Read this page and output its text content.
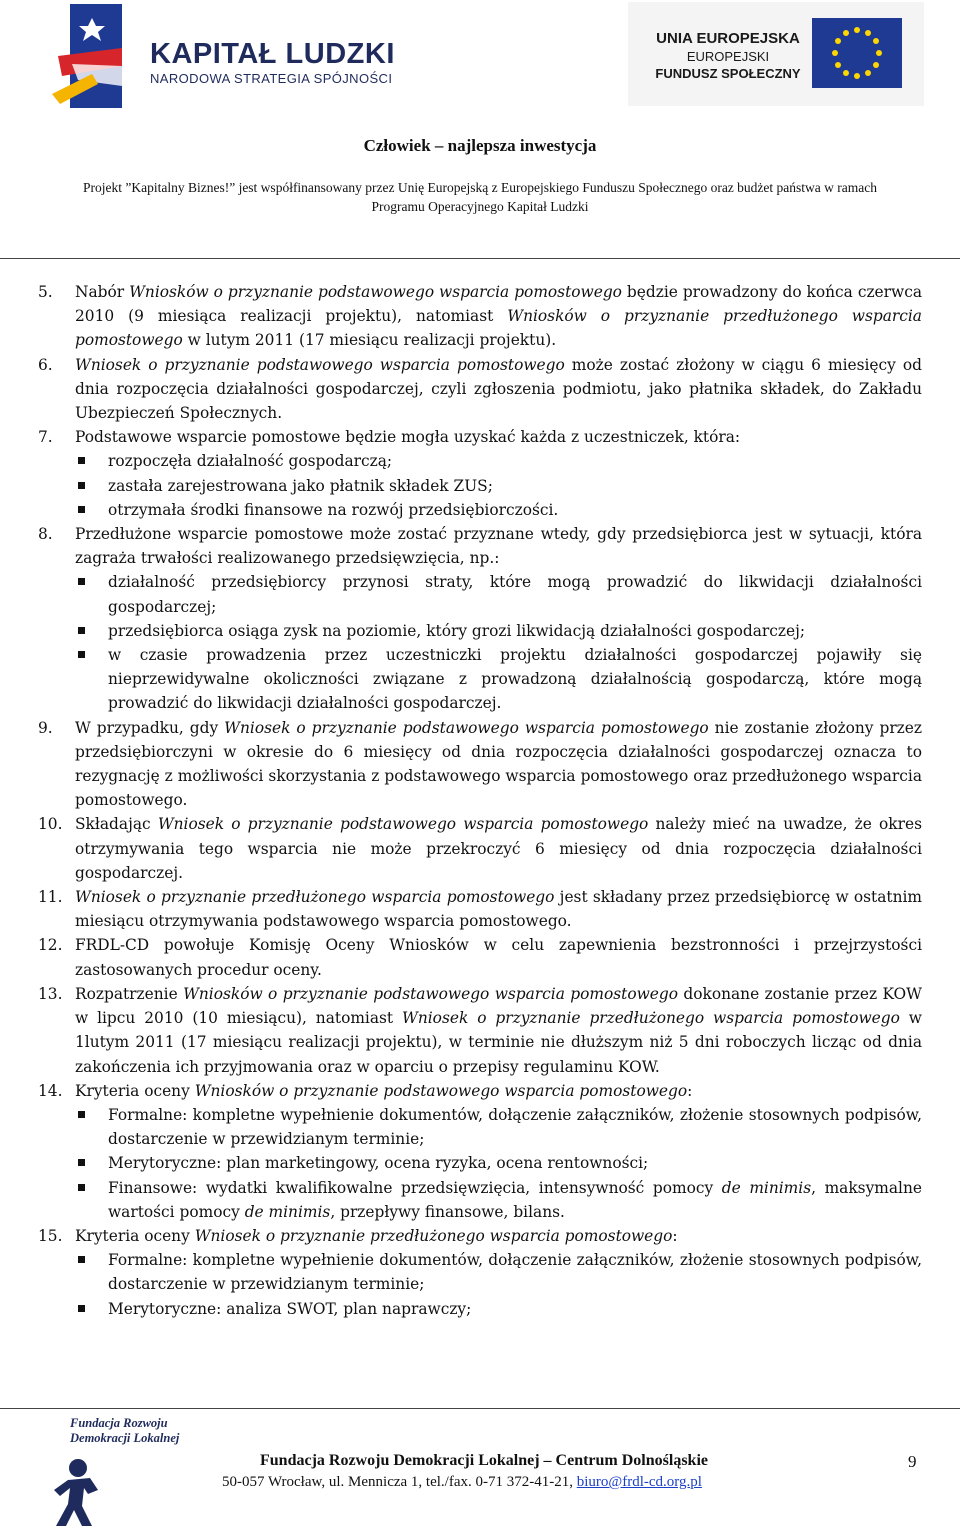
KAPITAŁ LUDZKI
NARODOWA STRATEGIA SPÓJNOŚCI
UNIA EUROPEJSKA
EUROPEJSKI
FUNDUSZ SPOŁECZNY
Człowiek – najlepsza inwestycja
Projekt ”Kapitalny Biznes!” jest współfinansowany przez Unię Europejską z Europejskiego Funduszu Społecznego oraz budżet państwa w ramach
Programu Operacyjnego Kapitał Ludzki
5. Nabór Wniosków o przyznanie podstawowego wsparcia pomostowego będzie prowadzony do końca czerwca 2010 (9 miesiąca realizacji projektu), natomiast Wniosków o przyznanie przedłużonego wsparcia pomostowego w lutym 2011 (17 miesiącu realizacji projektu).

6. Wniosek o przyznanie podstawowego wsparcia pomostowego może zostać złożony w ciągu 6 miesięcy od dnia rozpoczęcia działalności gospodarczej, czyli zgłoszenia podmiotu, jako płatnika składek, do Zakładu Ubezpieczeń Społecznych.

7. Podstawowe wsparcie pomostowe będzie mogła uzyskać każda z uczestniczek, która:

rozpoczęła działalność gospodarczą;
zastała zarejestrowana jako płatnik składek ZUS;
otrzymała środki finansowe na rozwój przedsiębiorczości.
8. Przedłużone wsparcie pomostowe może zostać przyznane wtedy, gdy przedsiębiorca jest w sytuacji, która zagraża trwałości realizowanego przedsięwzięcia, np.:

działalność przedsiębiorcy przynosi straty, które mogą prowadzić do likwidacji działalności gospodarczej;
przedsiębiorca osiąga zysk na poziomie, który grozi likwidacją działalności gospodarczej;
w czasie prowadzenia przez uczestniczki projektu działalności gospodarczej pojawiły się nieprzewidywalne okoliczności związane z prowadzoną działalnością gospodarczą, które mogą prowadzić do likwidacji działalności gospodarczej.
9. W przypadku, gdy Wniosek o przyznanie podstawowego wsparcia pomostowego nie zostanie złożony przez przedsiębiorczyni w okresie do 6 miesięcy od dnia rozpoczęcia działalności gospodarczej oznacza to rezygnację z możliwości skorzystania z podstawowego wsparcia pomostowego oraz przedłużonego wsparcia pomostowego.

10. Składając Wniosek o przyznanie podstawowego wsparcia pomostowego należy mieć na uwadze, że okres otrzymywania tego wsparcia nie może przekroczyć 6 miesięcy od dnia rozpoczęcia działalności gospodarczej.

11. Wniosek o przyznanie przedłużonego wsparcia pomostowego jest składany przez przedsiębiorcę w ostatnim miesiącu otrzymywania podstawowego wsparcia pomostowego.

12. FRDL-CD powołuje Komisję Oceny Wniosków w celu zapewnienia bezstronności i przejrzystości zastosowanych procedur oceny.

13. Rozpatrzenie Wniosków o przyznanie podstawowego wsparcia pomostowego dokonane zostanie przez KOW w lipcu 2010 (10 miesiącu), natomiast Wniosek o przyznanie przedłużonego wsparcia pomostowego w 1lutym 2011 (17 miesiącu realizacji projektu), w terminie nie dłuższym niż 5 dni roboczych licząc od dnia zakończenia ich przyjmowania oraz w oparciu o przepisy regulaminu KOW.

14. Kryteria oceny Wniosków o przyznanie podstawowego wsparcia pomostowego:

Formalne: kompletne wypełnienie dokumentów, dołączenie załączników, złożenie stosownych podpisów, dostarczenie w przewidzianym terminie;
Merytoryczne: plan marketingowy, ocena ryzyka, ocena rentowności;
Finansowe: wydatki kwalifikowalne przedsięwzięcia, intensywność pomocy de minimis, maksymalne wartości pomocy de minimis, przepływy finansowe, bilans.
15. Kryteria oceny Wniosek o przyznanie przedłużonego wsparcia pomostowego:

Formalne: kompletne wypełnienie dokumentów, dołączenie załączników, złożenie stosownych podpisów, dostarczenie w przewidzianym terminie;
Merytoryczne: analiza SWOT, plan naprawczy;
Fundacja Rozwoju
Demokracji Lokalnej
Fundacja Rozwoju Demokracji Lokalnej – Centrum Dolnośląskie
50-057 Wrocław, ul. Mennicza 1, tel./fax. 0-71 372-41-21, biuro@frdl-cd.org.pl
9
